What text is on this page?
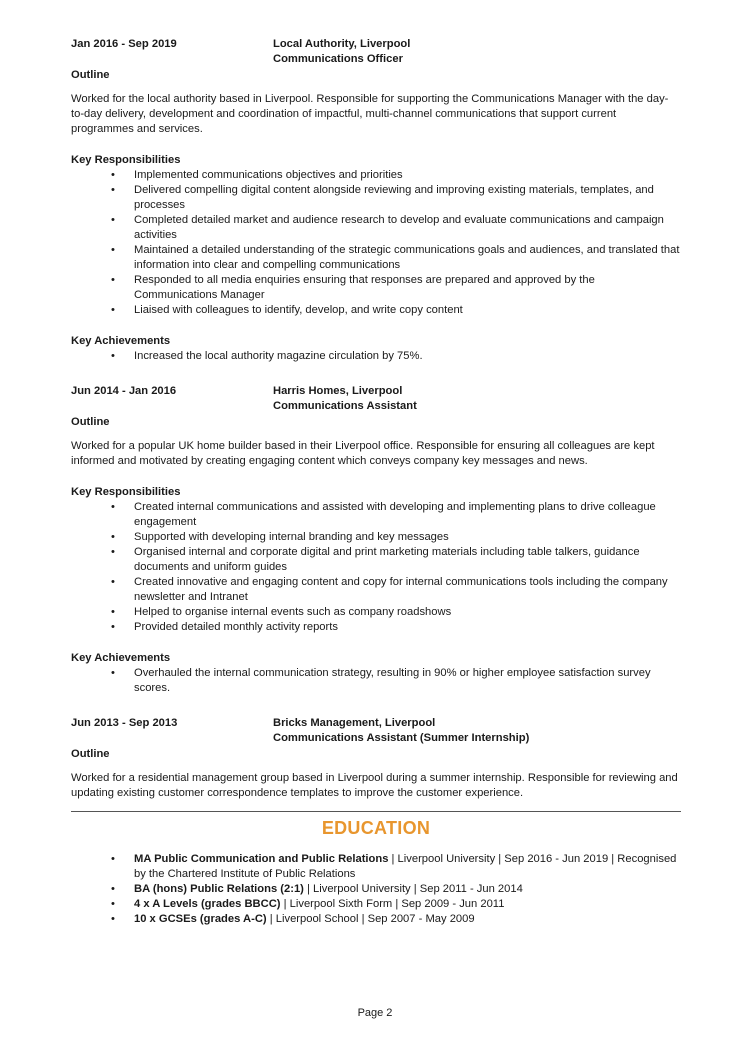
Jan 2016 - Sep 2019	Local Authority, Liverpool
Communications Officer
Outline
Worked for the local authority based in Liverpool. Responsible for supporting the Communications Manager with the day-to-day delivery, development and coordination of impactful, multi-channel communications that support current programmes and services.
Key Responsibilities
• Implemented communications objectives and priorities
• Delivered compelling digital content alongside reviewing and improving existing materials, templates, and processes
• Completed detailed market and audience research to develop and evaluate communications and campaign activities
• Maintained a detailed understanding of the strategic communications goals and audiences, and translated that information into clear and compelling communications
• Responded to all media enquiries ensuring that responses are prepared and approved by the Communications Manager
• Liaised with colleagues to identify, develop, and write copy content
Key Achievements
• Increased the local authority magazine circulation by 75%.
Jun 2014 - Jan 2016	Harris Homes, Liverpool
Communications Assistant
Outline
Worked for a popular UK home builder based in their Liverpool office. Responsible for ensuring all colleagues are kept informed and motivated by creating engaging content which conveys company key messages and news.
Key Responsibilities
• Created internal communications and assisted with developing and implementing plans to drive colleague engagement
• Supported with developing internal branding and key messages
• Organised internal and corporate digital and print marketing materials including table talkers, guidance documents and uniform guides
• Created innovative and engaging content and copy for internal communications tools including the company newsletter and Intranet
• Helped to organise internal events such as company roadshows
• Provided detailed monthly activity reports
Key Achievements
• Overhauled the internal communication strategy, resulting in 90% or higher employee satisfaction survey scores.
Jun 2013 - Sep 2013	Bricks Management, Liverpool
Communications Assistant (Summer Internship)
Outline
Worked for a residential management group based in Liverpool during a summer internship. Responsible for reviewing and updating existing customer correspondence templates to improve the customer experience.
EDUCATION
• MA Public Communication and Public Relations | Liverpool University | Sep 2016 - Jun 2019 | Recognised by the Chartered Institute of Public Relations
• BA (hons) Public Relations (2:1) | Liverpool University | Sep 2011 - Jun 2014
• 4 x A Levels (grades BBCC) | Liverpool Sixth Form | Sep 2009 - Jun 2011
• 10 x GCSEs (grades A-C) | Liverpool School | Sep 2007 - May 2009
Page 2
